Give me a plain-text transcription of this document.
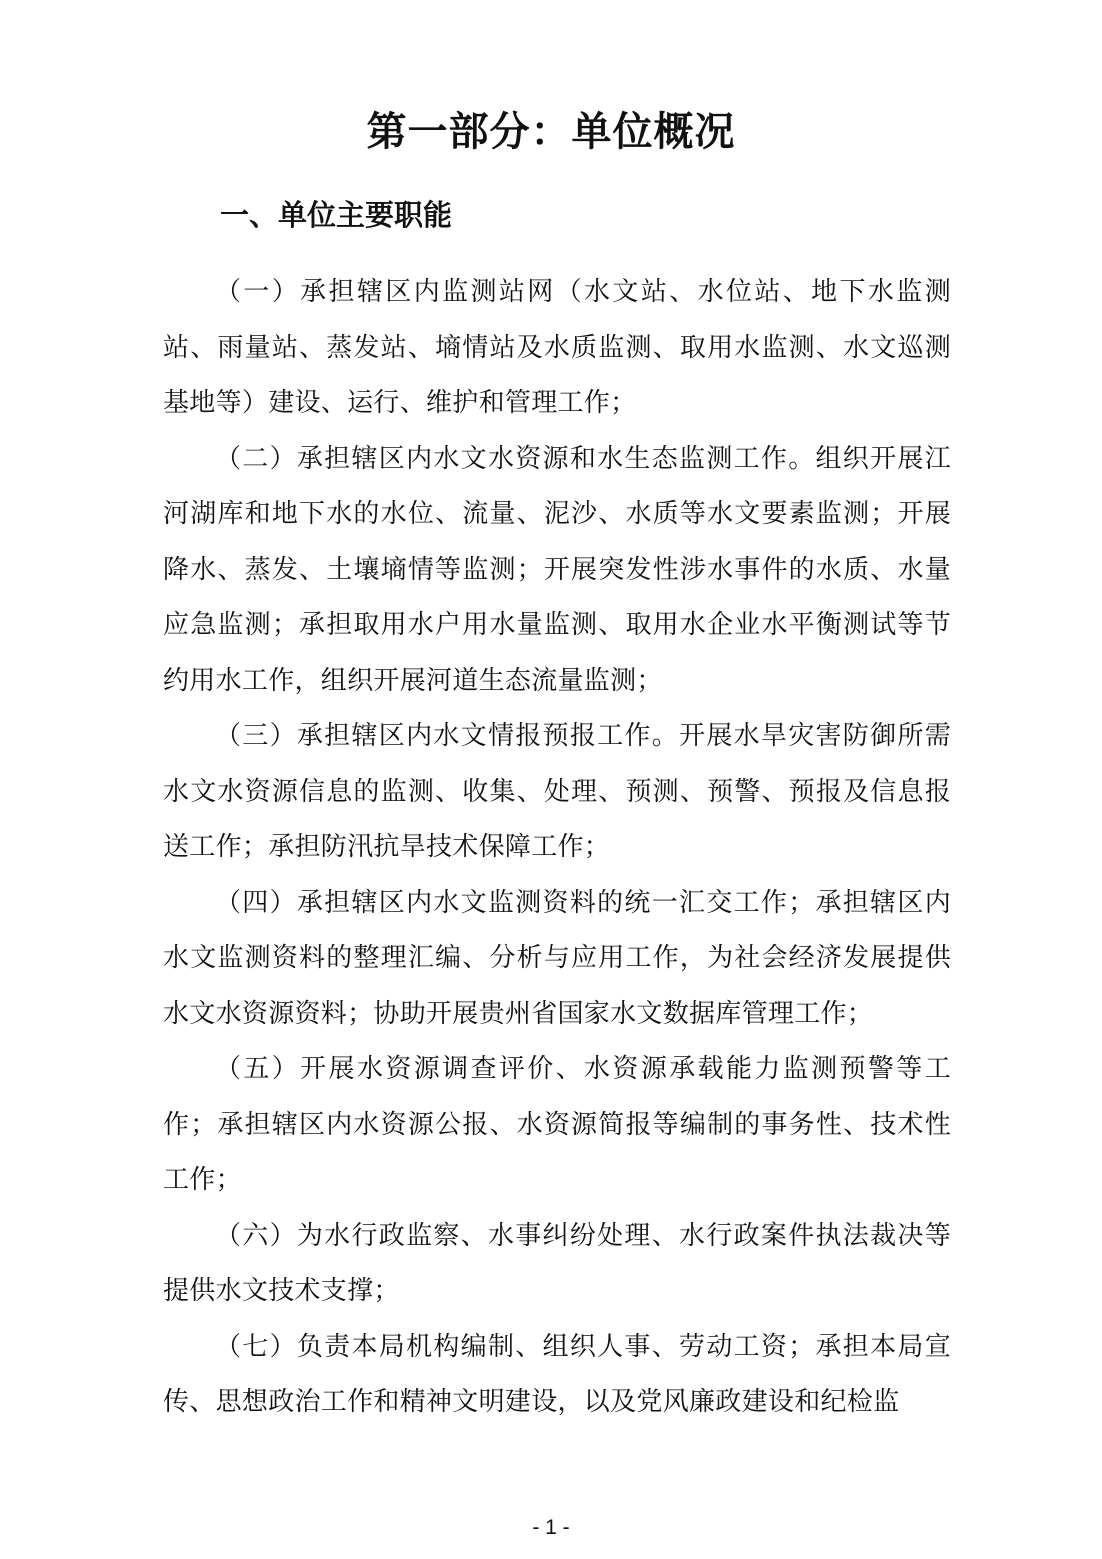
第一部分：单位概况
一、单位主要职能

（一）承担辖区内监测站网（水文站、水位站、地下水监测站、雨量站、蒸发站、墒情站及水质监测、取用水监测、水文巡测基地等）建设、运行、维护和管理工作；

（二）承担辖区内水文水资源和水生态监测工作。组织开展江河湖库和地下水的水位、流量、泥沙、水质等水文要素监测；开展降水、蒸发、土壤墒情等监测；开展突发性涉水事件的水质、水量应急监测；承担取用水户用水量监测、取用水企业水平衡测试等节约用水工作，组织开展河道生态流量监测；

（三）承担辖区内水文情报预报工作。开展水旱灾害防御所需水文水资源信息的监测、收集、处理、预测、预警、预报及信息报送工作；承担防汛抗旱技术保障工作；

（四）承担辖区内水文监测资料的统一汇交工作；承担辖区内水文监测资料的整理汇编、分析与应用工作，为社会经济发展提供水文水资源资料；协助开展贵州省国家水文数据库管理工作；

（五）开展水资源调查评价、水资源承载能力监测预警等工作；承担辖区内水资源公报、水资源简报等编制的事务性、技术性工作；

（六）为水行政监察、水事纠纷处理、水行政案件执法裁决等提供水文技术支撑；

（七）负责本局机构编制、组织人事、劳动工资；承担本局宣传、思想政治工作和精神文明建设，以及党风廉政建设和纪检监

- 1 -
